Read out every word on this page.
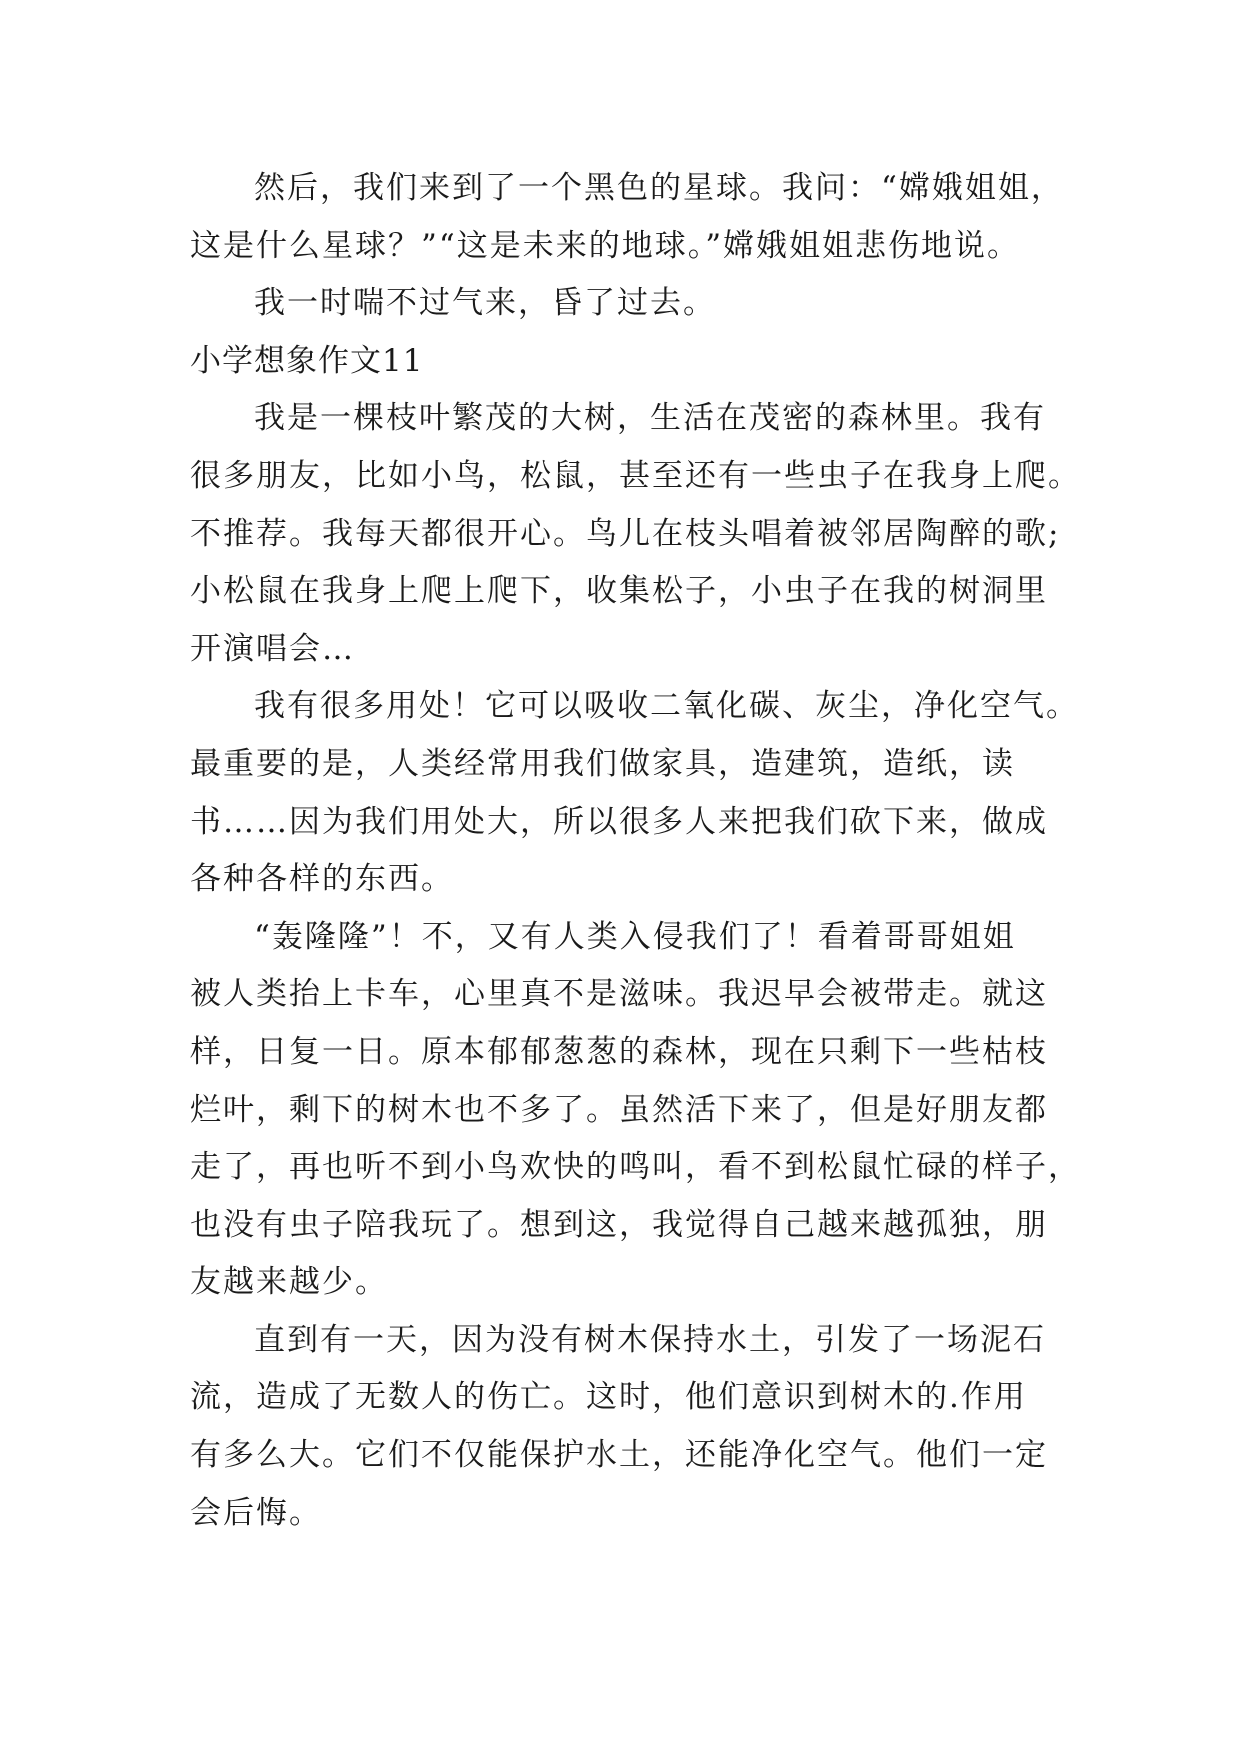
然后，我们来到了一个黑色的星球。我问：“嫦娥姐姐，
这是什么星球？”“这是未来的地球。”嫦娥姐姐悲伤地说。
我一时喘不过气来，昏了过去。
小学想象作文11
我是一棵枝叶繁茂的大树，生活在茂密的森林里。我有
很多朋友，比如小鸟，松鼠，甚至还有一些虫子在我身上爬。
不推荐。我每天都很开心。鸟儿在枝头唱着被邻居陶醉的歌;
小松鼠在我身上爬上爬下，收集松子，小虫子在我的树洞里
开演唱会…
我有很多用处！它可以吸收二氧化碳、灰尘，净化空气。
最重要的是，人类经常用我们做家具，造建筑，造纸，读
书……因为我们用处大，所以很多人来把我们砍下来，做成
各种各样的东西。
“轰隆隆”！不，又有人类入侵我们了！看着哥哥姐姐
被人类抬上卡车，心里真不是滋味。我迟早会被带走。就这
样，日复一日。原本郁郁葱葱的森林，现在只剩下一些枯枝
烂叶，剩下的树木也不多了。虽然活下来了，但是好朋友都
走了，再也听不到小鸟欢快的鸣叫，看不到松鼠忙碌的样子，
也没有虫子陪我玩了。想到这，我觉得自己越来越孤独，朋
友越来越少。
直到有一天，因为没有树木保持水土，引发了一场泥石
流，造成了无数人的伤亡。这时，他们意识到树木的.作用
有多么大。它们不仅能保护水土，还能净化空气。他们一定
会后悔。
